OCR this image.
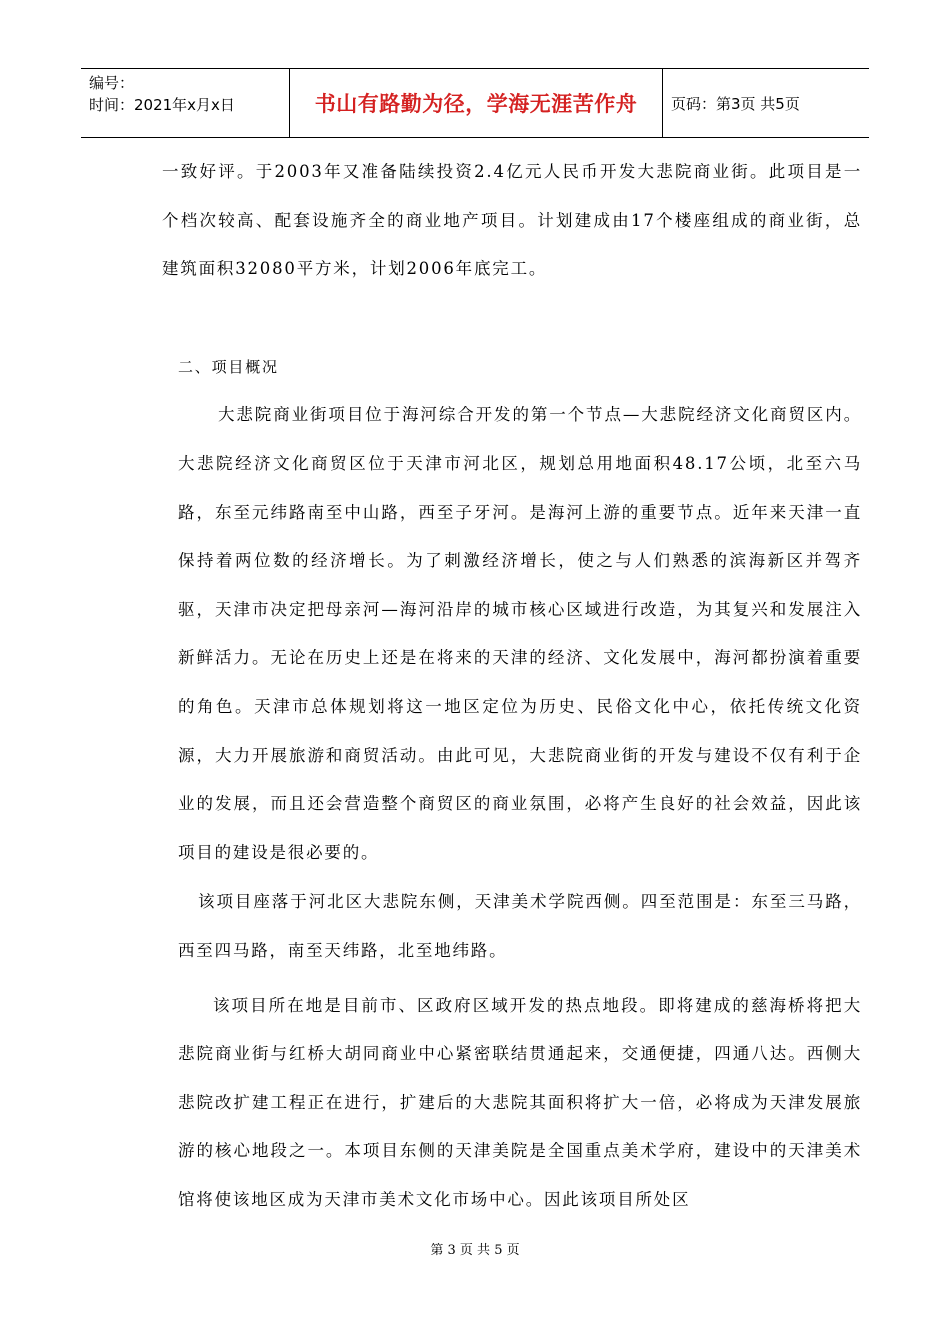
编号：
时间：2021年x月x日	书山有路勤为径，学海无涯苦作舟	页码：第3页 共5页

一致好评。于2003年又准备陆续投资2.4亿元人民币开发大悲院商业街。此项目是一个档次较高、配套设施齐全的商业地产项目。计划建成由17个楼座组成的商业街，总建筑面积32080平方米，计划2006年底完工。

二、项目概况

大悲院商业街项目位于海河综合开发的第一个节点—大悲院经济文化商贸区内。大悲院经济文化商贸区位于天津市河北区，规划总用地面积48.17公顷，北至六马路，东至元纬路南至中山路，西至子牙河。是海河上游的重要节点。近年来天津一直保持着两位数的经济增长。为了刺激经济增长，使之与人们熟悉的滨海新区并驾齐驱，天津市决定把母亲河—海河沿岸的城市核心区域进行改造，为其复兴和发展注入新鲜活力。无论在历史上还是在将来的天津的经济、文化发展中，海河都扮演着重要的角色。天津市总体规划将这一地区定位为历史、民俗文化中心，依托传统文化资源，大力开展旅游和商贸活动。由此可见，大悲院商业街的开发与建设不仅有利于企业的发展，而且还会营造整个商贸区的商业氛围，必将产生良好的社会效益，因此该项目的建设是很必要的。

该项目座落于河北区大悲院东侧，天津美术学院西侧。四至范围是：东至三马路，西至四马路，南至天纬路，北至地纬路。

该项目所在地是目前市、区政府区域开发的热点地段。即将建成的慈海桥将把大悲院商业街与红桥大胡同商业中心紧密联结贯通起来，交通便捷，四通八达。西侧大悲院改扩建工程正在进行，扩建后的大悲院其面积将扩大一倍，必将成为天津发展旅游的核心地段之一。本项目东侧的天津美院是全国重点美术学府，建设中的天津美术馆将使该地区成为天津市美术文化市场中心。因此该项目所处区

第 3 页 共 5 页
